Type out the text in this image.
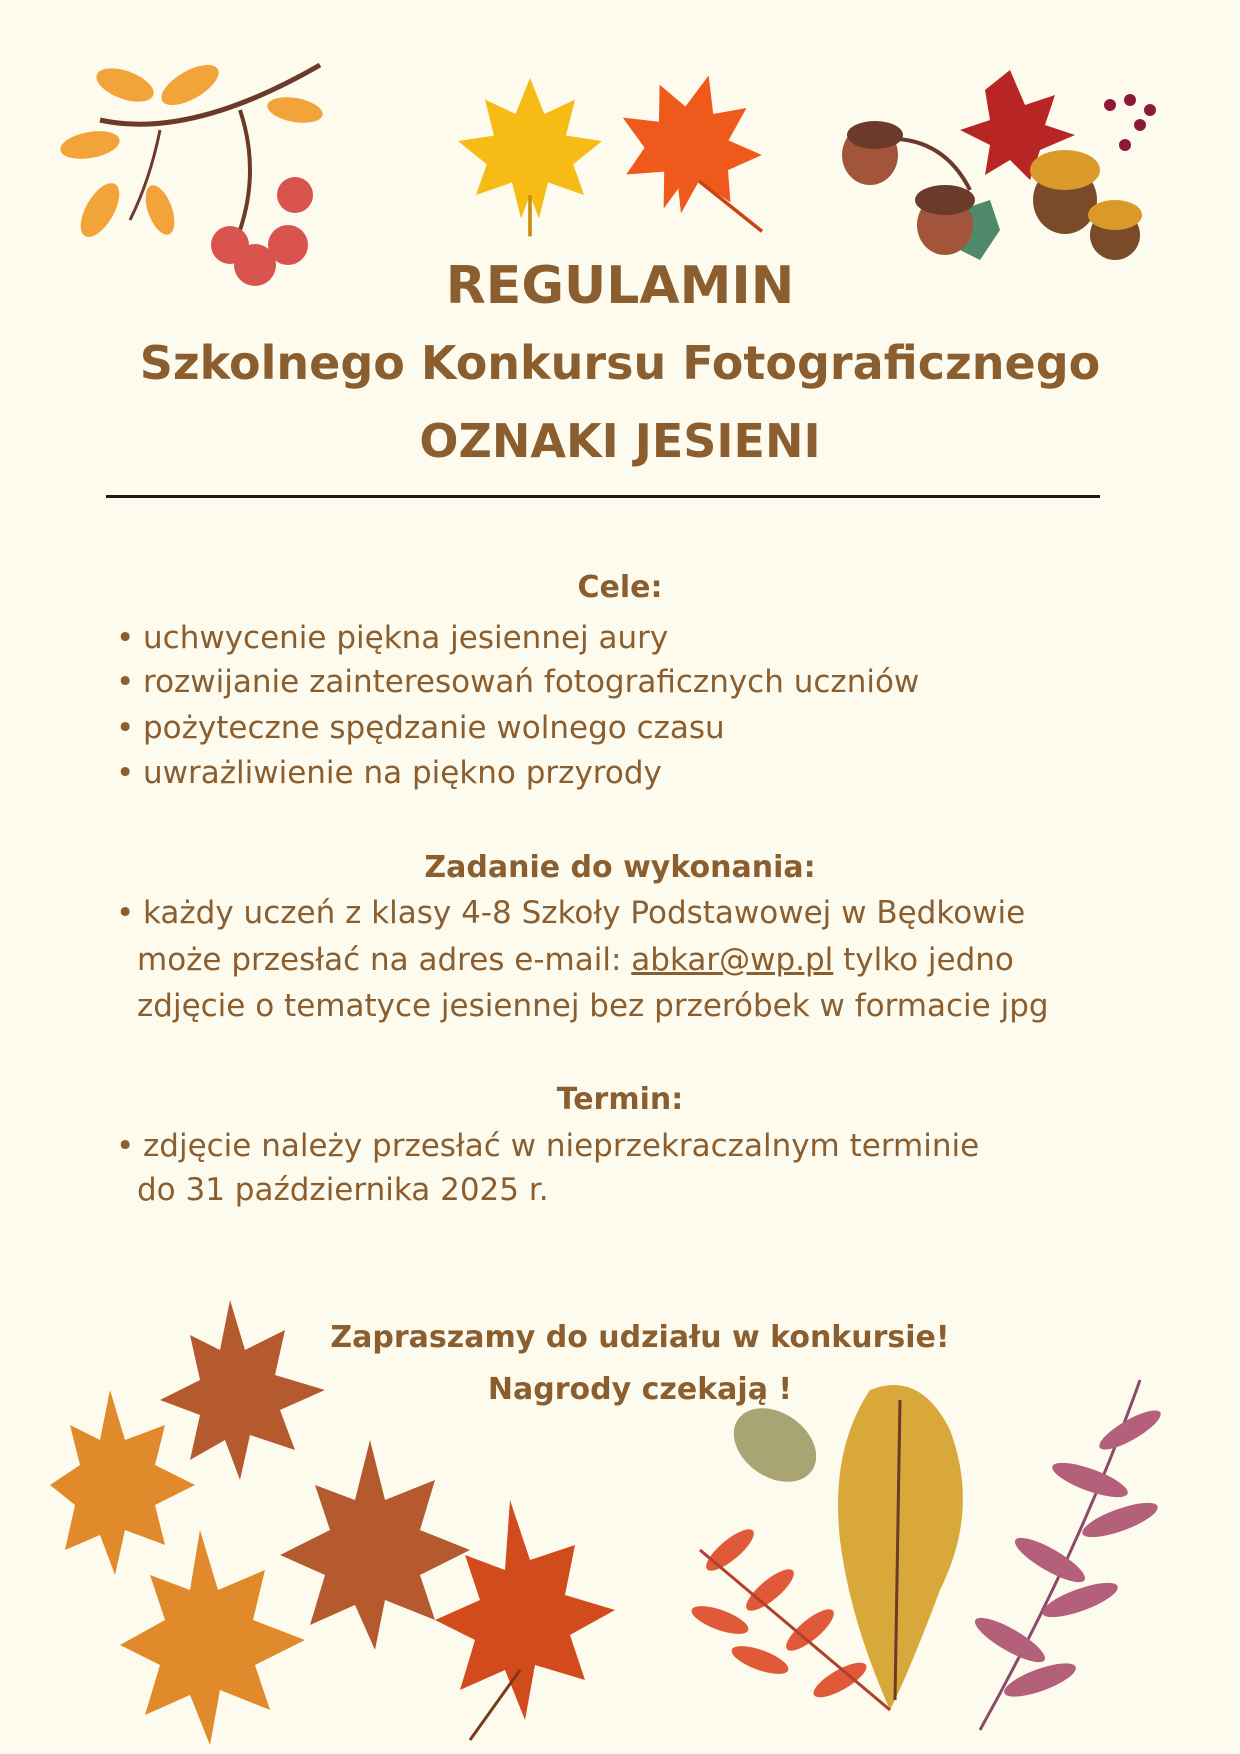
REGULAMIN
Szkolnego Konkursu Fotograficznego
OZNAKI JESIENI
Cele:
• uchwycenie piękna jesiennej aury
• rozwijanie zainteresowań fotograficznych uczniów
• pożyteczne spędzanie wolnego czasu
• uwrażliwienie na piękno przyrody
Zadanie do wykonania:
• każdy uczeń z klasy 4-8 Szkoły Podstawowej w Będkowie
może przesłać na adres e-mail: abkar@wp.pl tylko jedno
zdjęcie o tematyce jesiennej bez przeróbek w formacie jpg
Termin:
• zdjęcie należy przesłać w nieprzekraczalnym terminie
do 31 października 2025 r.
Zapraszamy do udziału w konkursie!
Nagrody czekają !
